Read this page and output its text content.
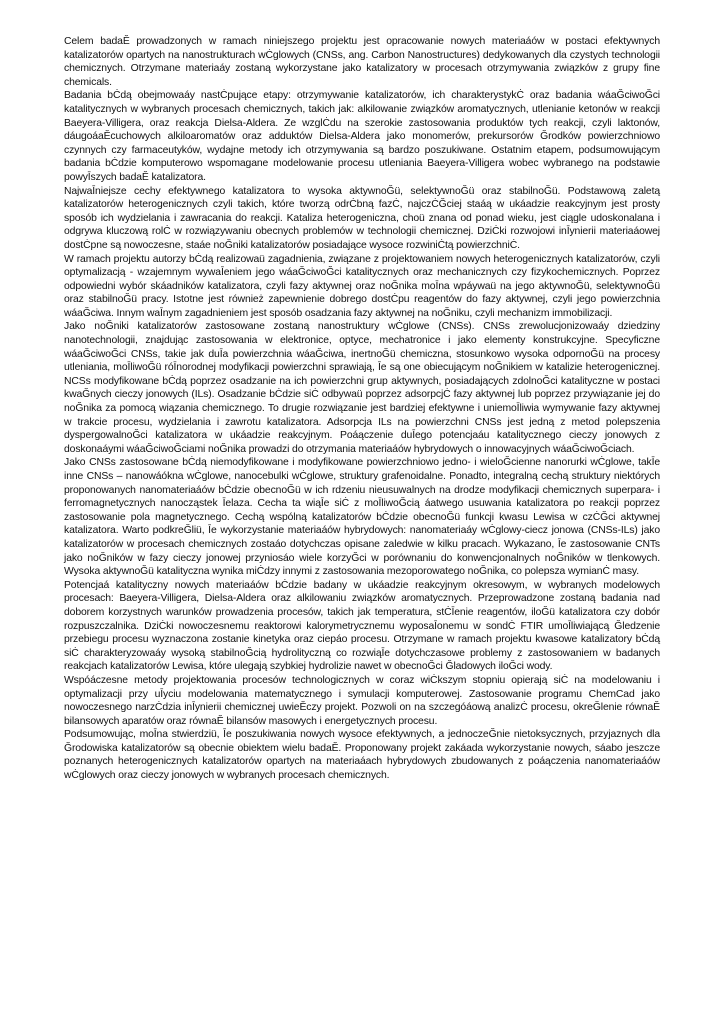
Celem badaĔ prowadzonych w ramach niniejszego projektu jest opracowanie nowych materiaáów w postaci efektywnych katalizatorów opartych na nanostrukturach wĊglowych (CNSs, ang. Carbon Nanostructures) dedykowanych dla czystych technologii chemicznych. Otrzymane materiaáy zostaną wykorzystane jako katalizatory w procesach otrzymywania związków z grupy fine chemicals.

Badania bĊdą obejmowaáy nastĊpujące etapy: otrzymywanie katalizatorów, ich charakterystykĊ oraz badania wáaĞciwoĞci katalitycznych w wybranych procesach chemicznych, takich jak: alkilowanie związków aromatycznych, utlenianie ketonów w reakcji Baeyera-Villigera, oraz reakcja Dielsa-Aldera. Ze wzglĊdu na szerokie zastosowania produktów tych reakcji, czyli laktonów, dáugoáaĔcuchowych alkiloaromatów oraz adduktów Dielsa-Aldera jako monomerów, prekursorów Ğrodków powierzchniowo czynnych czy farmaceutyków, wydajne metody ich otrzymywania są bardzo poszukiwane. Ostatnim etapem, podsumowującym badania bĊdzie komputerowo wspomagane modelowanie procesu utleniania Baeyera-Villigera wobec wybranego na podstawie powyĪszych badaĔ katalizatora.

NajwaĪniejsze cechy efektywnego katalizatora to wysoka aktywnoĞü, selektywnoĞü oraz stabilnoĞü. Podstawową zaletą katalizatorów heterogenicznych czyli takich, które tworzą odrĊbną fazĊ, najczĊĞciej staáą w ukáadzie reakcyjnym jest prosty sposób ich wydzielania i zawracania do reakcji. Kataliza heterogeniczna, choü znana od ponad wieku, jest ciągle udoskonalana i odgrywa kluczową rolĊ w rozwiązywaniu obecnych problemów w technologii chemicznej. DziĊki rozwojowi inĪynierii materiaáowej dostĊpne są nowoczesne, staáe noĞniki katalizatorów posiadające wysoce rozwiniĊtą powierzchniĊ.

W ramach projektu autorzy bĊdą realizowaü zagadnienia, związane z projektowaniem nowych heterogenicznych katalizatorów, czyli optymalizacją - wzajemnym wywaĪeniem jego wáaĞciwoĞci katalitycznych oraz mechanicznych czy fizykochemicznych. Poprzez odpowiedni wybór skáadników katalizatora, czyli fazy aktywnej oraz noĞnika moĪna wpáywaü na jego aktywnoĞü, selektywnoĞü oraz stabilnoĞü pracy. Istotne jest również zapewnienie dobrego dostĊpu reagentów do fazy aktywnej, czyli jego powierzchnia wáaĞciwa. Innym waĪnym zagadnieniem jest sposób osadzania fazy aktywnej na noĞniku, czyli mechanizm immobilizacji.

Jako noĞniki katalizatorów zastosowane zostaną nanostruktury wĊglowe (CNSs). CNSs zrewolucjonizowaáy dziedziny nanotechnologii, znajdując zastosowania w elektronice, optyce, mechatronice i jako elementy konstrukcyjne. Specyficzne wáaĞciwoĞci CNSs, takie jak duĪa powierzchnia wáaĞciwa, inertnoĞü chemiczna, stosunkowo wysoka odpornoĞü na procesy utleniania, moĪliwoĞü róĪnorodnej modyfikacji powierzchni sprawiają, Īe są one obiecującym noĞnikiem w katalizie heterogenicznej. NCSs modyfikowane bĊdą poprzez osadzanie na ich powierzchni grup aktywnych, posiadających zdolnoĞci katalityczne w postaci kwaĞnych cieczy jonowych (ILs). Osadzanie bĊdzie siĊ odbywaü poprzez adsorpcjĊ fazy aktywnej lub poprzez przywiązanie jej do noĞnika za pomocą wiązania chemicznego. To drugie rozwiązanie jest bardziej efektywne i uniemoĪliwia wymywanie fazy aktywnej w trakcie procesu, wydzielania i zawrotu katalizatora. Adsorpcja ILs na powierzchni CNSs jest jedną z metod polepszenia dyspergowalnoĞci katalizatora w ukáadzie reakcyjnym. Poáączenie duĪego potencjaáu katalitycznego cieczy jonowych z doskonaáymi wáaĞciwoĞciami noĞnika prowadzi do otrzymania materiaáów hybrydowych o innowacyjnych wáaĞciwoĞciach.

Jako CNSs zastosowane bĊdą niemodyfikowane i modyfikowane powierzchniowo jedno- i wieloĞcienne nanorurki wĊglowe, takĪe inne CNSs – nanowáókna wĊglowe, nanocebulki wĊglowe, struktury grafenoidalne. Ponadto, integralną cechą struktury niektórych proponowanych nanomateriaáów bĊdzie obecnoĞü w ich rdzeniu nieusuwalnych na drodze modyfikacji chemicznych superpara- i ferromagnetycznych nanocząstek Īelaza. Cecha ta wiąĪe siĊ z moĪliwoĞcią áatwego usuwania katalizatora po reakcji poprzez zastosowanie pola magnetycznego. Cechą wspólną katalizatorów bĊdzie obecnoĞü funkcji kwasu Lewisa w czĊĞci aktywnej katalizatora. Warto podkreĞliü, Īe wykorzystanie materiaáów hybrydowych: nanomateriaáy wĊglowy-ciecz jonowa (CNSs-ILs) jako katalizatorów w procesach chemicznych zostaáo dotychczas opisane zaledwie w kilku pracach. Wykazano, Īe zastosowanie CNTs jako noĞników w fazy cieczy jonowej przyniosáo wiele korzyĞci w porównaniu do konwencjonalnych noĞników w tlenkowych. Wysoka aktywnoĞü katalityczna wynika miĊdzy innymi z zastosowania mezoporowatego noĞnika, co polepsza wymianĊ masy.

Potencjaá katalityczny nowych materiaáów bĊdzie badany w ukáadzie reakcyjnym okresowym, w wybranych modelowych procesach: Baeyera-Villigera, Dielsa-Aldera oraz alkilowaniu związków aromatycznych. Przeprowadzone zostaną badania nad doborem korzystnych warunków prowadzenia procesów, takich jak temperatura, stĊĪenie reagentów, iloĞü katalizatora czy dobór rozpuszczalnika. DziĊki nowoczesnemu reaktorowi kalorymetrycznemu wyposaĪonemu w sondĊ FTIR umoĪliwiającą Ğledzenie przebiegu procesu wyznaczona zostanie kinetyka oraz ciepáo procesu. Otrzymane w ramach projektu kwasowe katalizatory bĊdą siĊ charakteryzowaáy wysoką stabilnoĞcią hydrolityczną co rozwiąĪe dotychczasowe problemy z zastosowaniem w badanych reakcjach katalizatorów Lewisa, które ulegają szybkiej hydrolizie nawet w obecnoĞci Ğladowych iloĞci wody.

Wspóáczesne metody projektowania procesów technologicznych w coraz wiĊkszym stopniu opierają siĊ na modelowaniu i optymalizacji przy uĪyciu modelowania matematycznego i symulacji komputerowej. Zastosowanie programu ChemCad jako nowoczesnego narzĊdzia inĪynierii chemicznej uwieĔczy projekt. Pozwoli on na szczegóáową analizĊ procesu, okreĞlenie równaĔ bilansowych aparatów oraz równaĔ bilansów masowych i energetycznych procesu.

Podsumowując, moĪna stwierdziü, Īe poszukiwania nowych wysoce efektywnych, a jednoczeĞnie nietoksycznych, przyjaznych dla Ğrodowiska katalizatorów są obecnie obiektem wielu badaĔ. Proponowany projekt zakáada wykorzystanie nowych, sáabo jeszcze poznanych heterogenicznych katalizatorów opartych na materiaáach hybrydowych zbudowanych z poáączenia nanomateriaáów wĊglowych oraz cieczy jonowych w wybranych procesach chemicznych.
